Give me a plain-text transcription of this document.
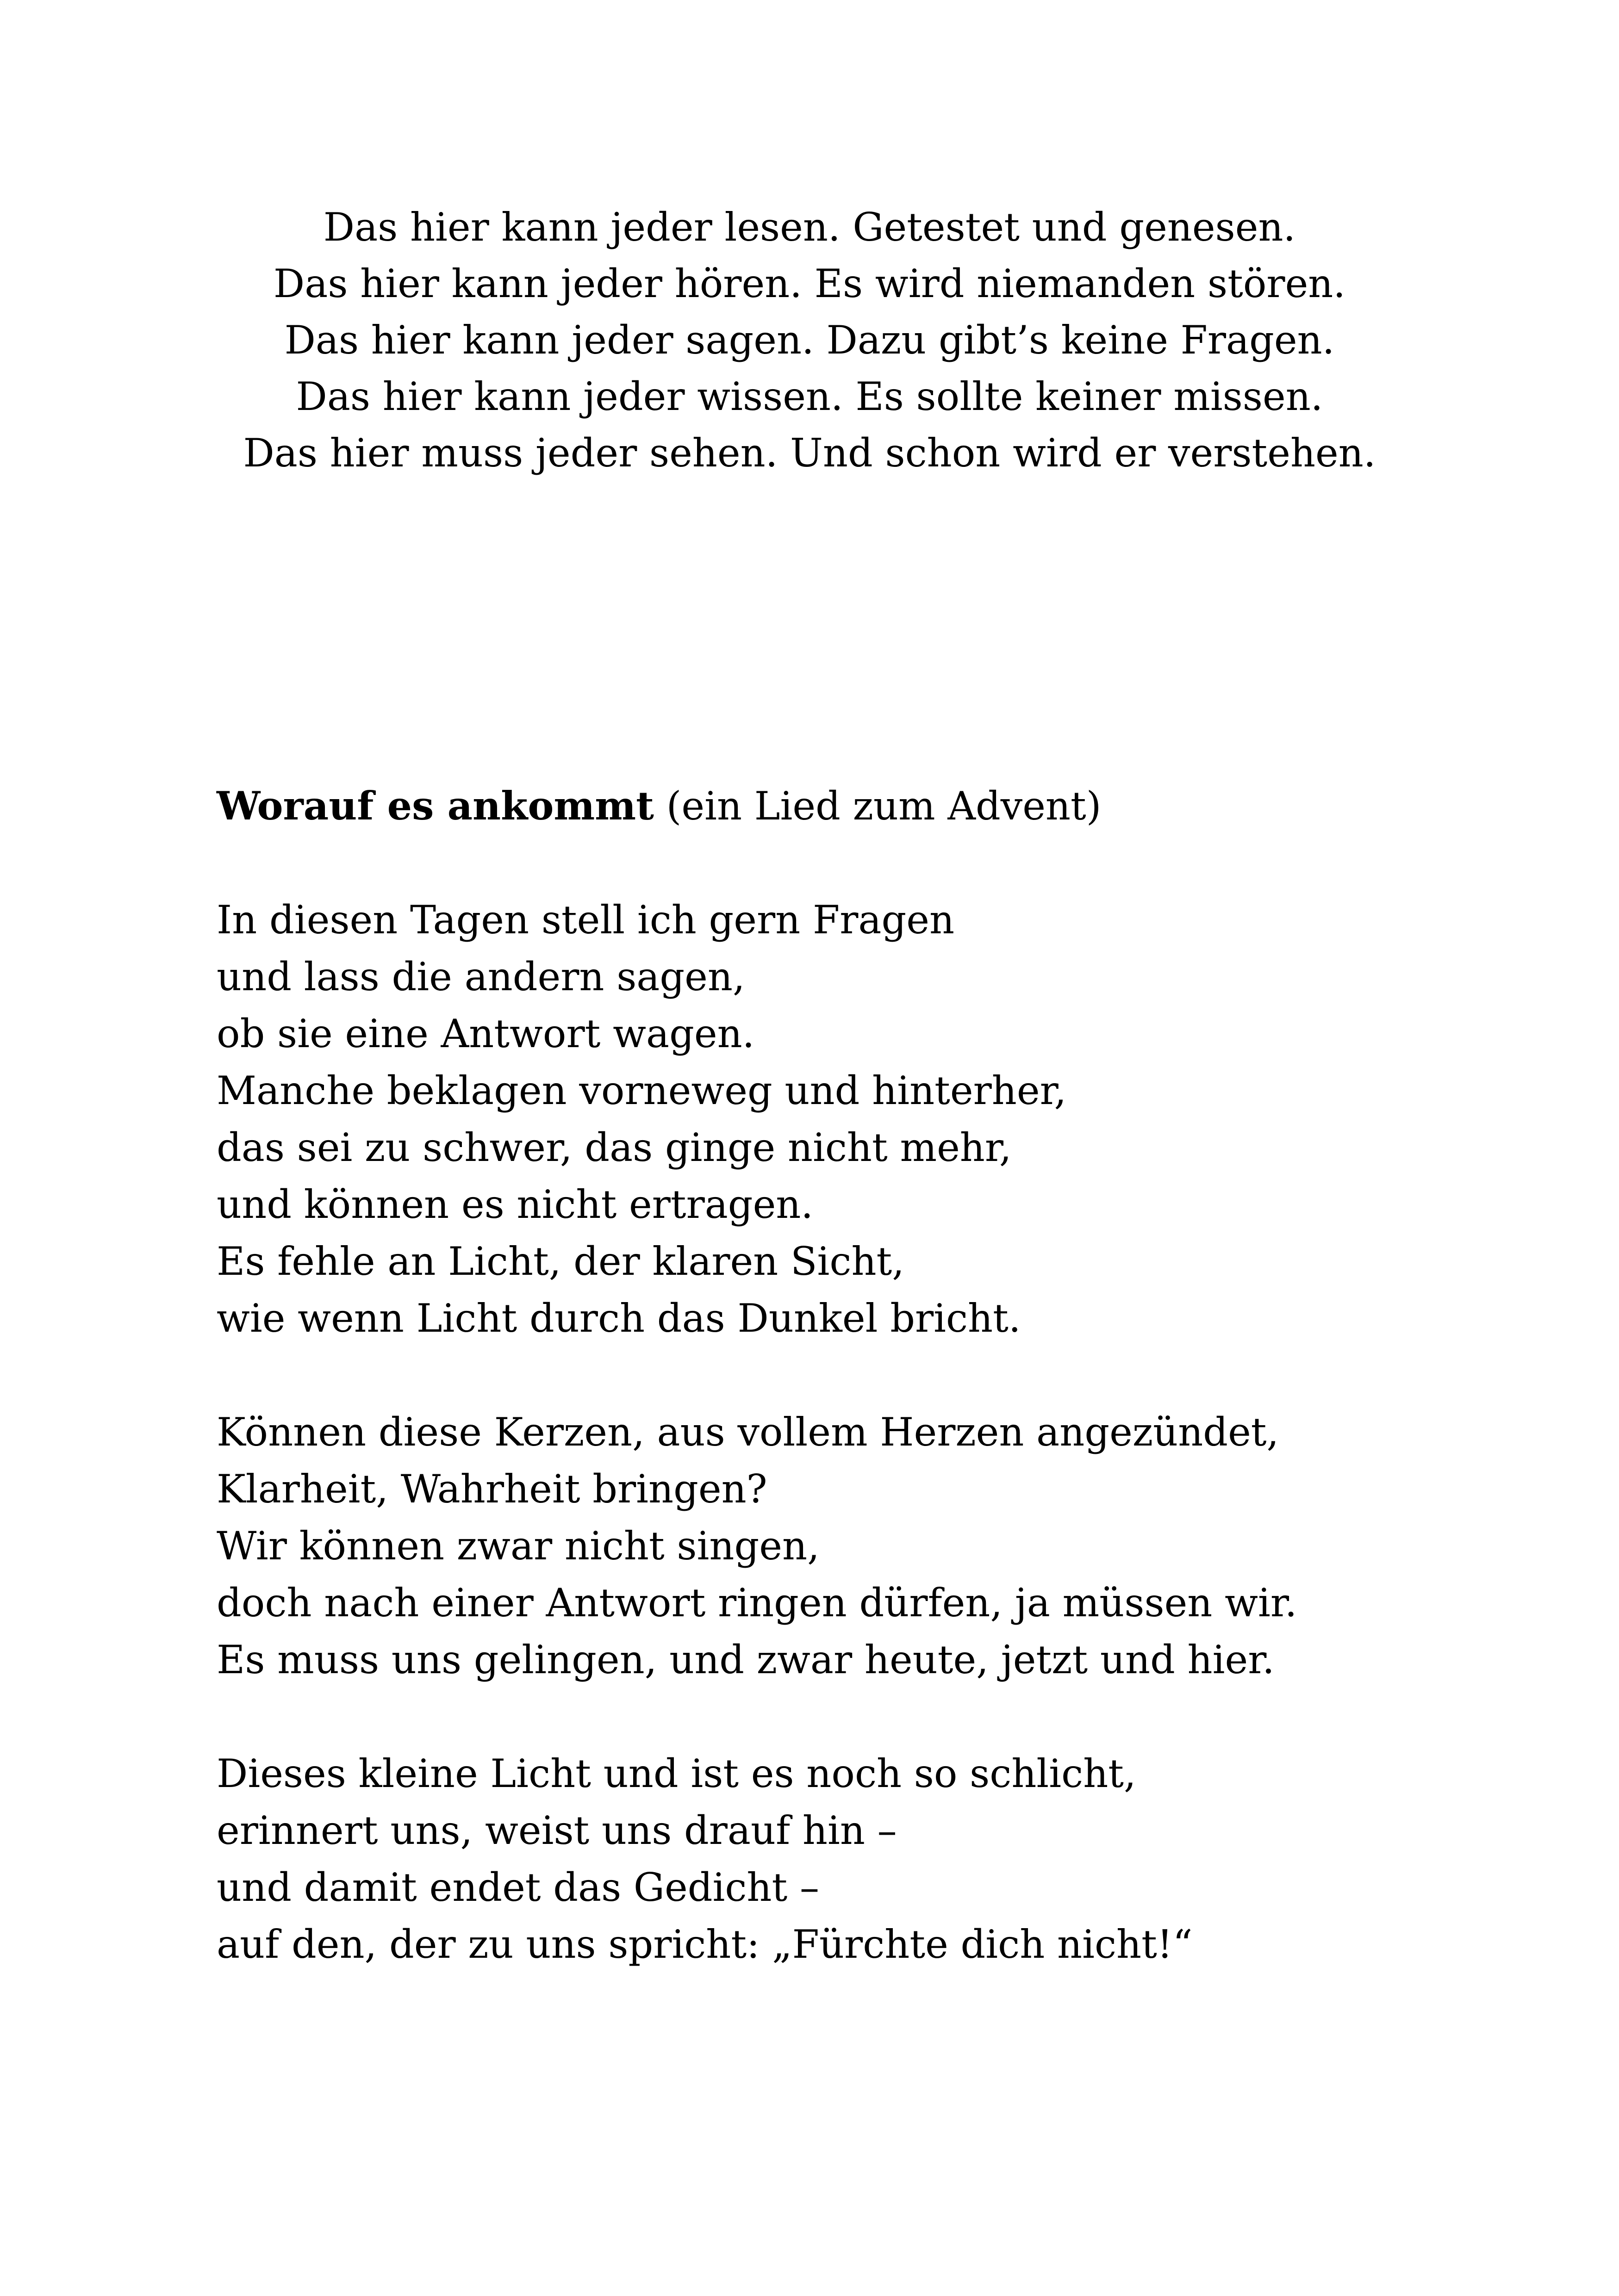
Das hier kann jeder lesen. Getestet und genesen.
Das hier kann jeder hören. Es wird niemanden stören.
Das hier kann jeder sagen. Dazu gibt’s keine Fragen.
Das hier kann jeder wissen. Es sollte keiner missen.
Das hier muss jeder sehen. Und schon wird er verstehen.
Worauf es ankommt (ein Lied zum Advent)
In diesen Tagen stell ich gern Fragen
und lass die andern sagen,
ob sie eine Antwort wagen.
Manche beklagen vorneweg und hinterher,
das sei zu schwer, das ginge nicht mehr,
und können es nicht ertragen.
Es fehle an Licht, der klaren Sicht,
wie wenn Licht durch das Dunkel bricht.
Können diese Kerzen, aus vollem Herzen angezündet,
Klarheit, Wahrheit bringen?
Wir können zwar nicht singen,
doch nach einer Antwort ringen dürfen, ja müssen wir.
Es muss uns gelingen, und zwar heute, jetzt und hier.
Dieses kleine Licht und ist es noch so schlicht,
erinnert uns, weist uns drauf hin –
und damit endet das Gedicht –
auf den, der zu uns spricht: „Fürchte dich nicht!“
